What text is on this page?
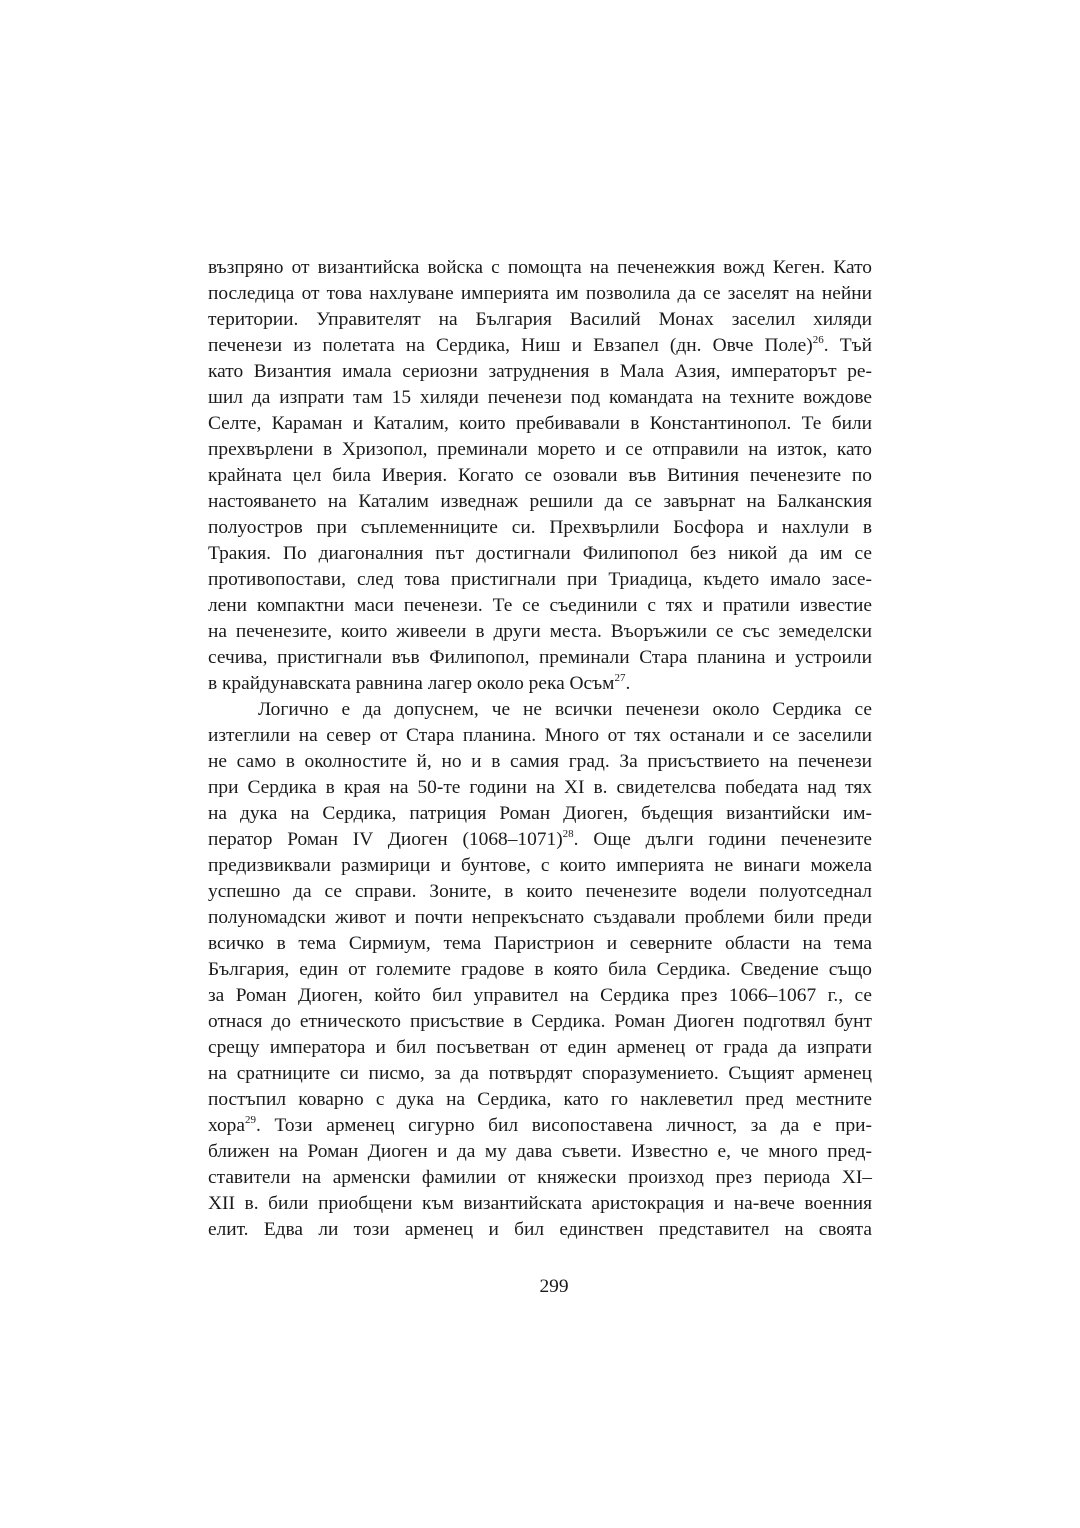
възпряно от византийска войска с помощта на печенежкия вожд Кеген. Като
последица от това нахлуване империята им позволила да се заселят на нейни
територии. Управителят на България Василий Монах заселил хиляди
печенези из полетата на Сердика, Ниш и Евзапел (дн. Овче Поле)$^{26}$. Тъй
като Византия имала сериозни затруднения в Мала Азия, императорът ре-
шил да изпрати там 15 хиляди печенези под командата на техните вождове
Селте, Караман и Каталим, които пребивавали в Константинопол. Те били
прехвърлени в Хризопол, преминали морето и се отправили на изток, като
крайната цел била Иверия. Когато се озовали във Витиния печенезите по
настояването на Каталим изведнаж решили да се завърнат на Балканския
полуостров при съплеменниците си. Прехвърлили Босфора и нахлули в
Тракия. По диагоналния път достигнали Филипопол без никой да им се
противопостави, след това пристигнали при Триадица, където имало засе-
лени компактни маси печенези. Те се съединили с тях и пратили известие
на печенезите, които живеели в други места. Въоръжили се със земеделски
сечива, пристигнали във Филипопол, преминали Стара планина и устроили
в крайдунавската равнина лагер около река Осъм$^{27}$.

Логично е да допуснем, че не всички печенези около Сердика се
изтеглили на север от Стара планина. Много от тях останали и се заселили
не само в околностите й, но и в самия град. За присъствието на печенези
при Сердика в края на 50-те години на XI в. свидетелсва победата над тях
на дука на Сердика, патриция Роман Диоген, бъдещия византийски им-
ператор Роман IV Диоген (1068–1071)$^{28}$. Още дълги години печенезите
предизвиквали размирици и бунтове, с които империята не винаги можела
успешно да се справи. Зоните, в които печенезите водели полуотседнал
полуномадски живот и почти непрекъснато създавали проблеми били преди
всичко в тема Сирмиум, тема Паристрион и северните области на тема
България, един от големите градове в която била Сердика. Сведение също
за Роман Диоген, който бил управител на Сердика през 1066–1067 г., се
отнася до етническото присъствие в Сердика. Роман Диоген подготвял бунт
срещу императора и бил посъветван от един арменец от града да изпрати
на сратниците си писмо, за да потвърдят споразумението. Същият арменец
постъпил коварно с дука на Сердика, като го наклеветил пред местните
хора$^{29}$. Този арменец сигурно бил висопоставена личност, за да е при-
ближен на Роман Диоген и да му дава съвети. Известно е, че много пред-
ставители на арменски фамилии от княжески произход през периода XI–
XII в. били приобщени към византийската аристокрация и на-вече военния
елит. Едва ли този арменец и бил единствен представител на своята

299
